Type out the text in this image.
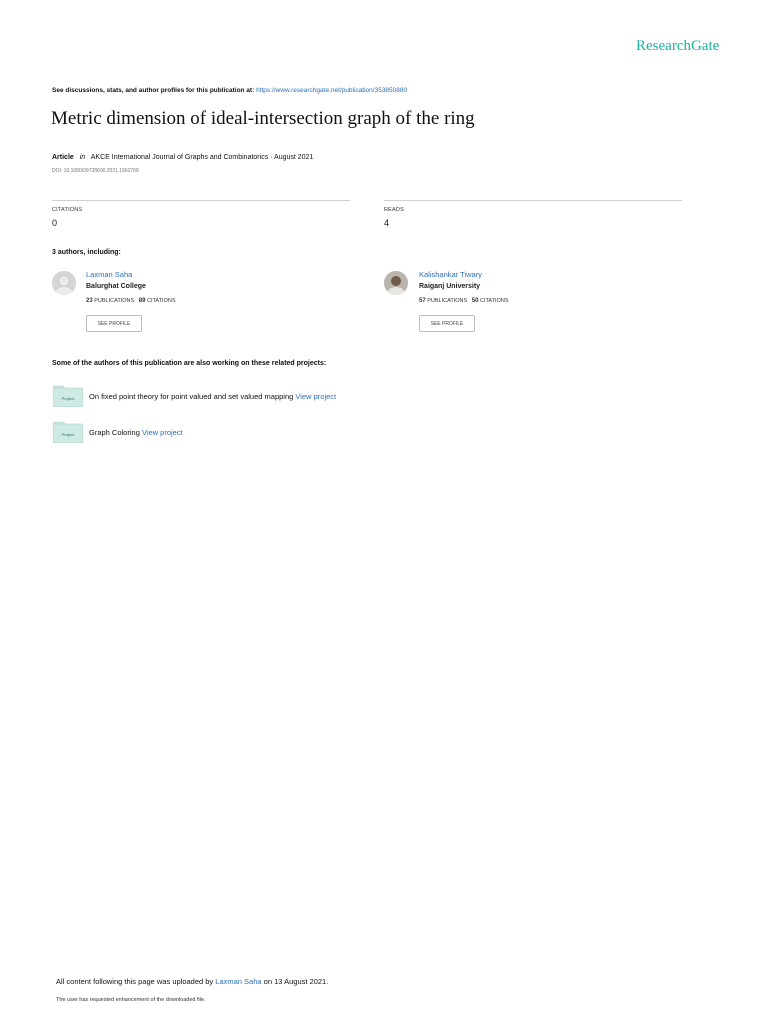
ResearchGate
See discussions, stats, and author profiles for this publication at: https://www.researchgate.net/publication/353850880
Metric dimension of ideal-intersection graph of the ring
Article in AKCE International Journal of Graphs and Combinatorics · August 2021
DOI: 10.1080/09728600.2021.1962768
CITATIONS
0
READS
4
3 authors, including:
Laxman Saha
Balurghat College
23 PUBLICATIONS 89 CITATIONS
SEE PROFILE
Kalishankar Tiwary
Raiganj University
57 PUBLICATIONS 50 CITATIONS
SEE PROFILE
Some of the authors of this publication are also working on these related projects:
Project On fixed point theory for point valued and set valued mapping View project
Project Graph Coloring View project
All content following this page was uploaded by Laxman Saha on 13 August 2021.
The user has requested enhancement of the downloaded file.
